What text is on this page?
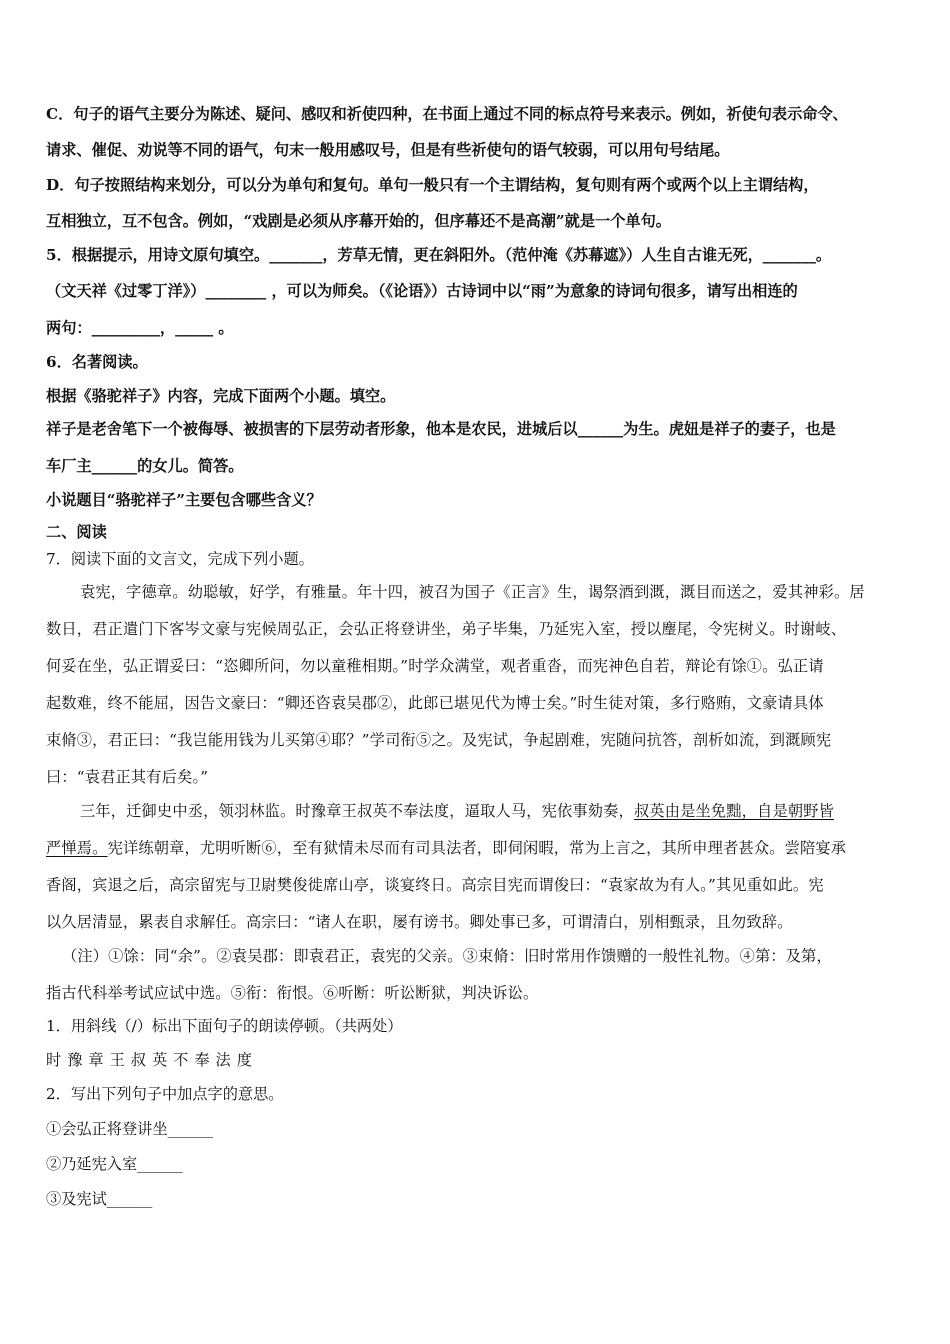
C．句子的语气主要分为陈述、疑问、感叹和祈使四种，在书面上通过不同的标点符号来表示。例如，祈使句表示命令、
请求、催促、劝说等不同的语气，句末一般用感叹号，但是有些祈使句的语气较弱，可以用句号结尾。
D．句子按照结构来划分，可以分为单句和复句。单句一般只有一个主谓结构，复句则有两个或两个以上主谓结构，
互相独立，互不包含。例如，“戏剧是必须从序幕开始的，但序幕还不是高潮”就是一个单句。
5．根据提示，用诗文原句填空。_______，芳草无情，更在斜阳外。（范仲淹《苏幕遮》）人生自古谁无死，_______。
（文天祥《过零丁洋》）________ ，可以为师矣。（《论语》）古诗词中以“雨”为意象的诗词句很多，请写出相连的
两句：_________，_____ 。
6．名著阅读。
根据《骆驼祥子》内容，完成下面两个小题。填空。
祥子是老舍笔下一个被侮辱、被损害的下层劳动者形象，他本是农民，进城后以______为生。虎妞是祥子的妻子，也是
车厂主______的女儿。简答。
小说题目“骆驼祥子”主要包含哪些含义？
二、阅读
7．阅读下面的文言文，完成下列小题。
袁宪，字德章。幼聪敏，好学，有雅量。年十四，被召为国子《正言》生，谒祭酒到溉，溉目而送之，爱其神彩。居
数日，君正遣门下客岑文豪与宪候周弘正，会弘正将登讲坐，弟子毕集，乃延宪入室，授以麈尾，令宪树义。时谢岐、
何妥在坐，弘正谓妥曰：“恣卿所问，勿以童稚相期。”时学众满堂，观者重沓，而宪神色自若，辩论有馀①。弘正请
起数难，终不能屈，因告文豪曰：“卿还咨袁吴郡②，此郎已堪见代为博士矣。”时生徒对策，多行赂贿，文豪请具体
束脩③，君正曰：“我岂能用钱为儿买第④耶？”学司衔⑤之。及宪试，争起剧难，宪随问抗答，剖析如流，到溉顾宪
曰：“袁君正其有后矣。”
三年，迁御史中丞，领羽林监。时豫章王叔英不奉法度，逼取人马，宪依事劾奏，叔英由是坐免黜，自是朝野皆
严惮焉。宪详练朝章，尤明听断⑥，至有狱情未尽而有司具法者，即伺闲暇，常为上言之，其所申理者甚众。尝陪宴承
香阁，宾退之后，高宗留宪与卫尉樊俊徙席山亭，谈宴终日。高宗目宪而谓俊曰：“袁家故为有人。”其见重如此。宪
以久居清显，累表自求解任。高宗曰：“诸人在职，屡有谤书。卿处事已多，可谓清白，别相甄录，且勿致辞。
（注）①馀：同“余”。②袁吴郡：即袁君正，袁宪的父亲。③束脩：旧时常用作馈赠的一般性礼物。④第：及第，
指古代科举考试应试中选。⑤衔：衔恨。⑥听断：听讼断狱，判决诉讼。
1．用斜线（/）标出下面句子的朗读停顿。（共两处）
时豫章王叔英不奉法度
2．写出下列句子中加点字的意思。
①会弘正将登讲坐______
②乃延宪入室______
③及宪试______
